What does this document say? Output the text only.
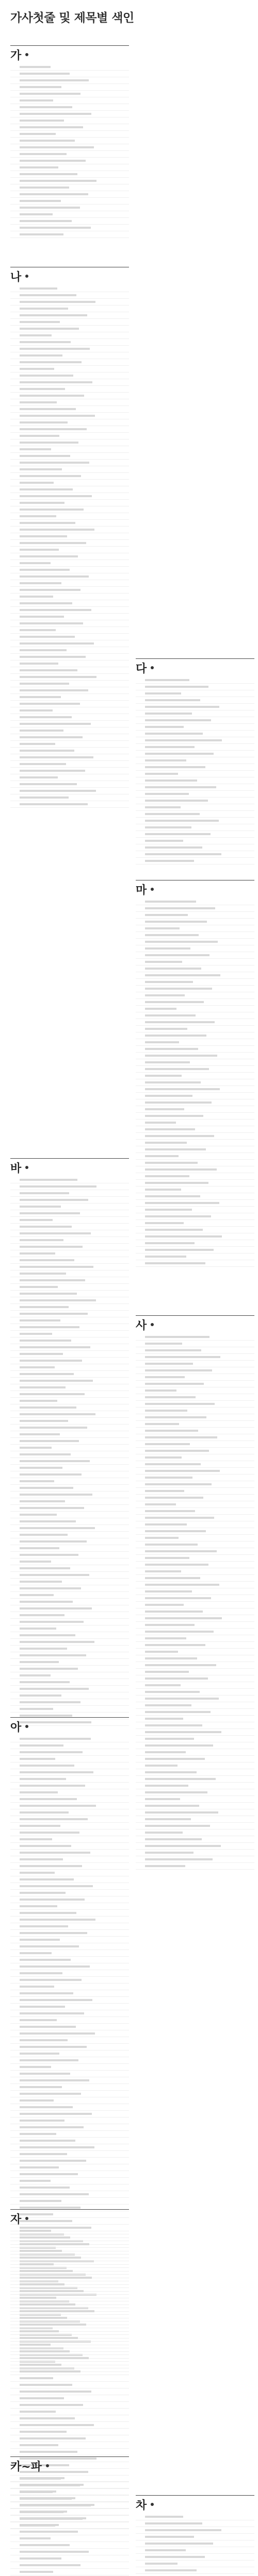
가사첫줄 및 제목별 색인
가
나
바
아
자
카~파
다
마
사
차
